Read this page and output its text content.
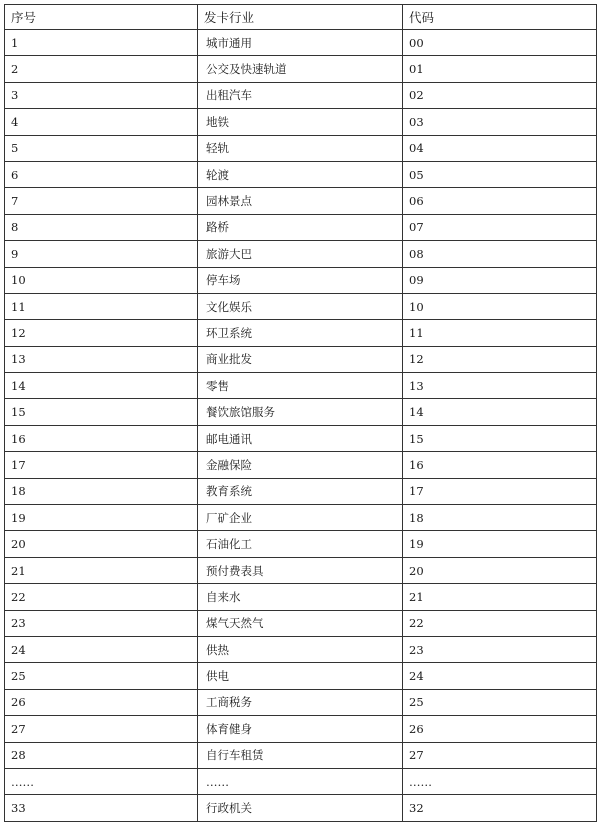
序号	发卡行业	代码
1	城市通用	00
2	公交及快速轨道	01
3	出租汽车	02
4	地铁	03
5	轻轨	04
6	轮渡	05
7	园林景点	06
8	路桥	07
9	旅游大巴	08
10	停车场	09
11	文化娱乐	10
12	环卫系统	11
13	商业批发	12
14	零售	13
15	餐饮旅馆服务	14
16	邮电通讯	15
17	金融保险	16
18	教育系统	17
19	厂矿企业	18
20	石油化工	19
21	预付费表具	20
22	自来水	21
23	煤气天然气	22
24	供热	23
25	供电	24
26	工商税务	25
27	体育健身	26
28	自行车租赁	27
……	……	……
33	行政机关	32
